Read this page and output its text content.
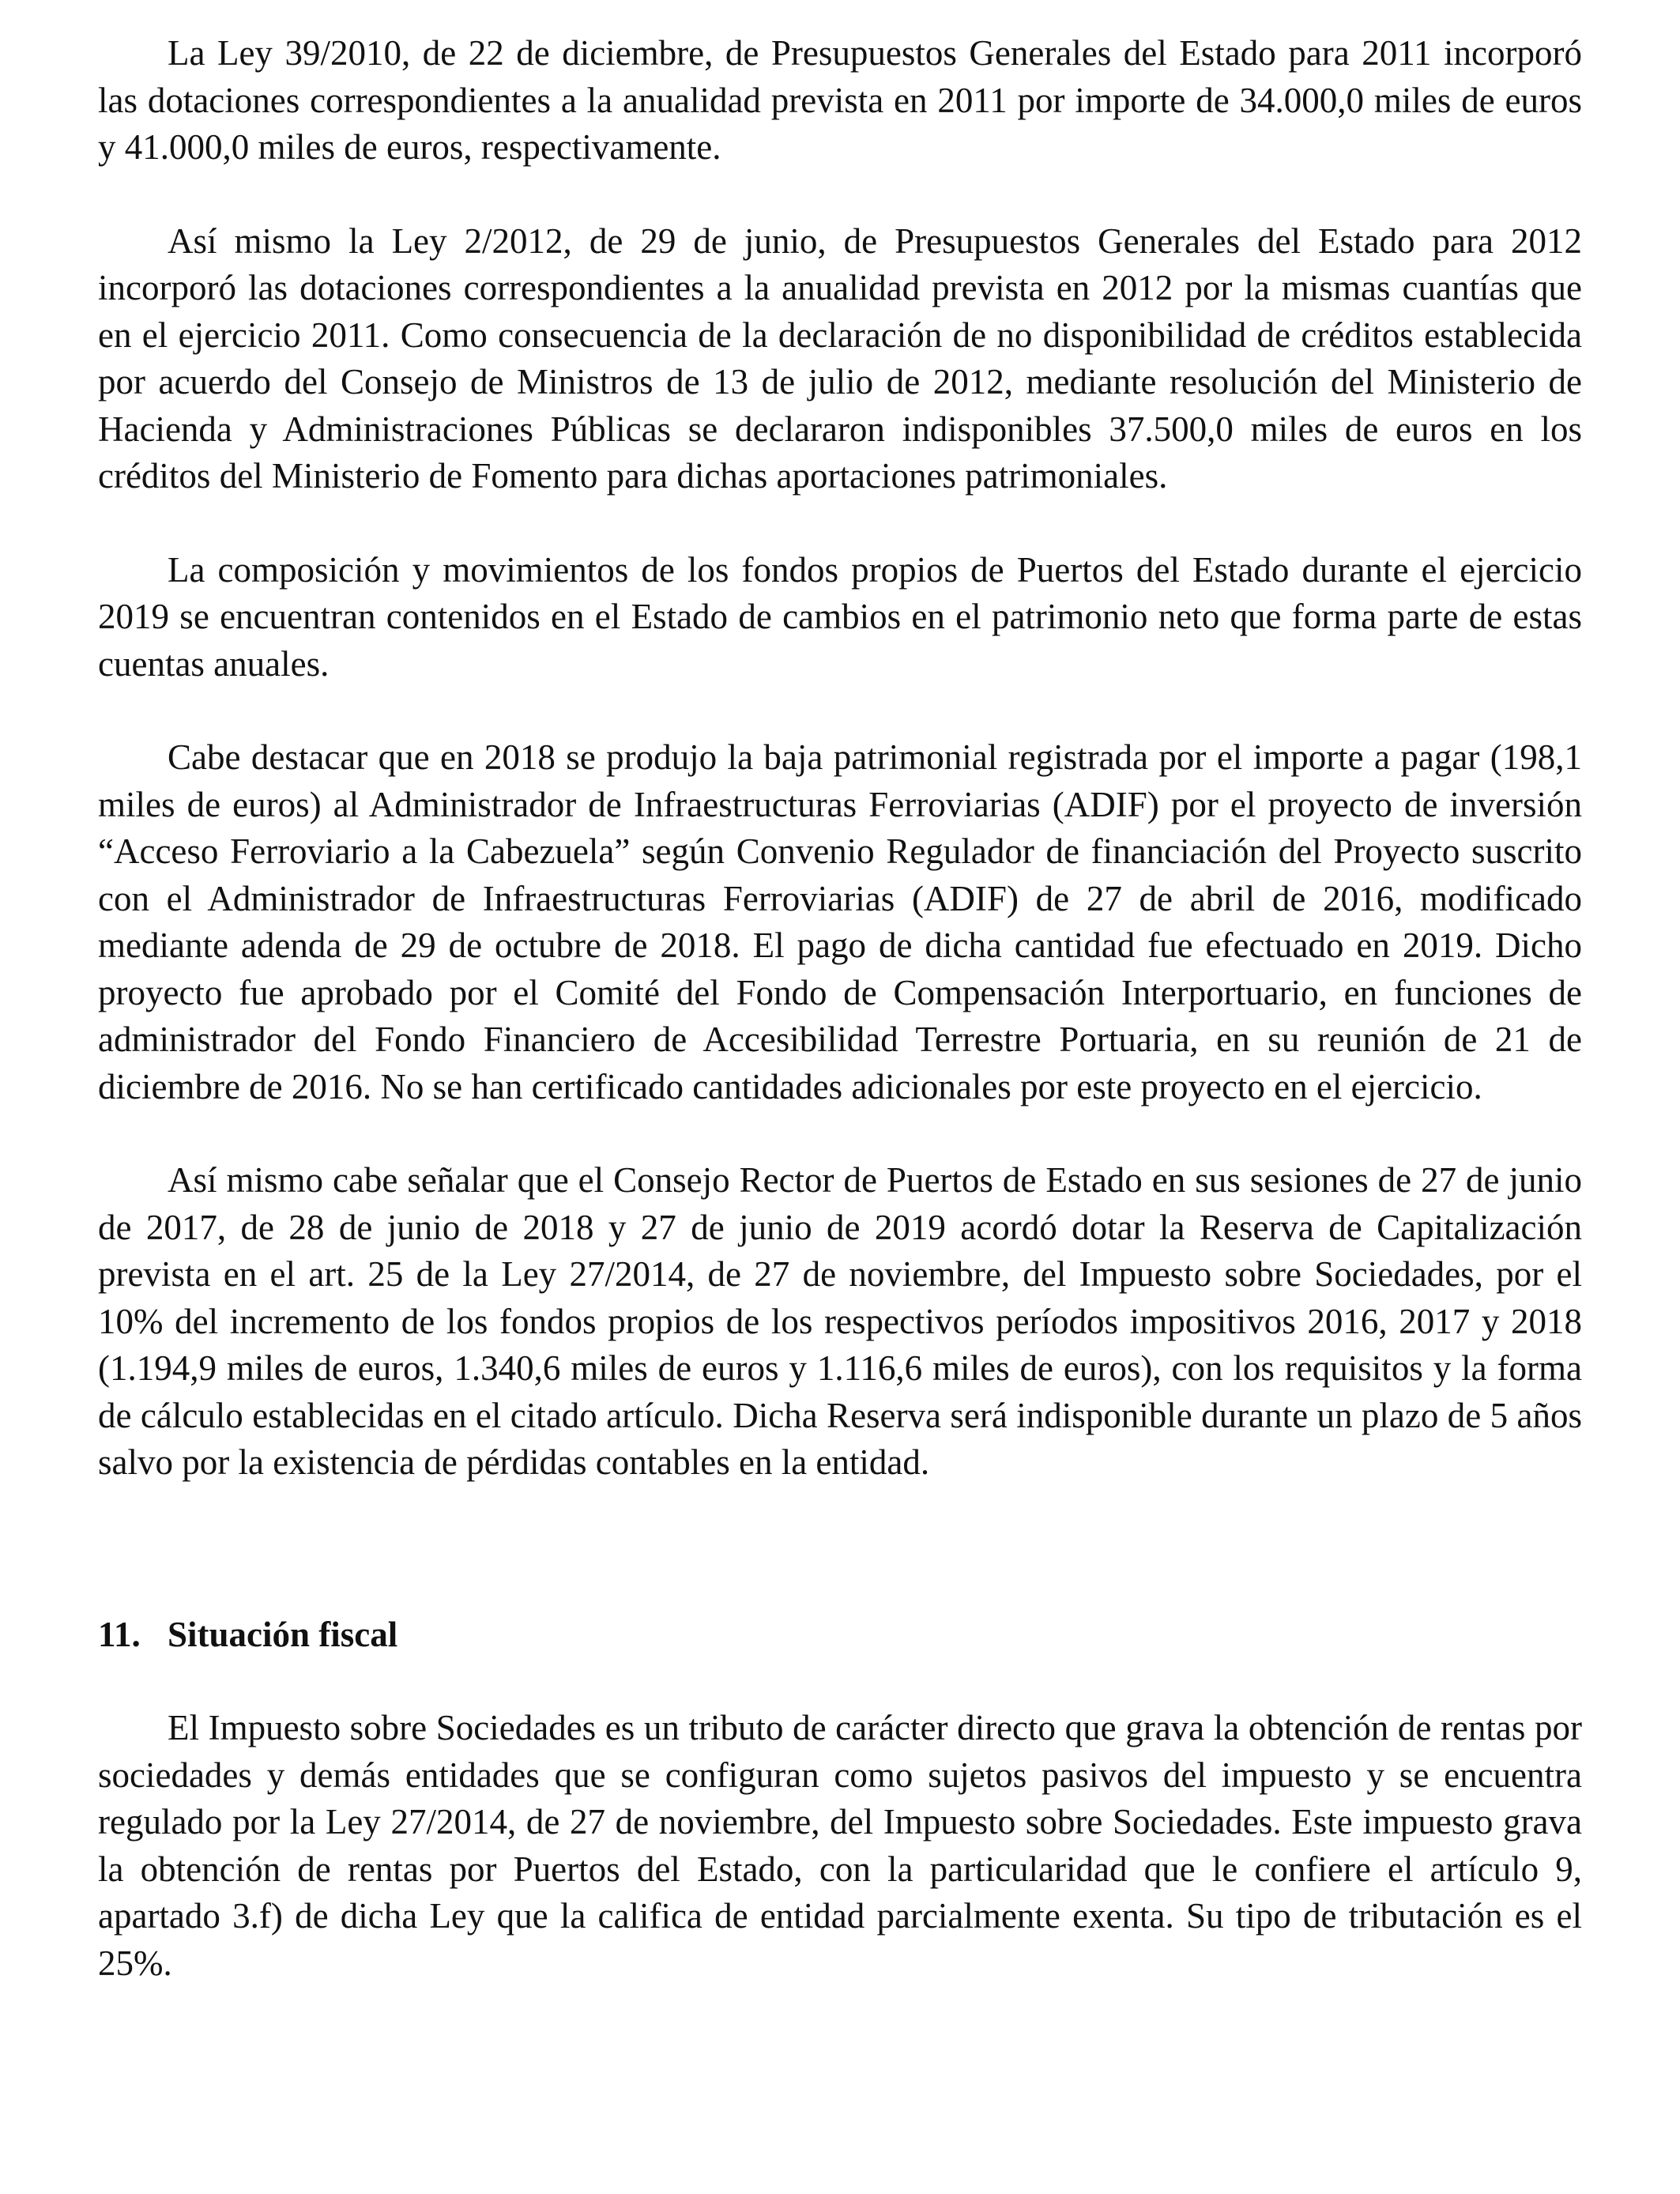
La Ley 39/2010, de 22 de diciembre, de Presupuestos Generales del Estado para 2011 incorporó las dotaciones correspondientes a la anualidad prevista en 2011 por importe de 34.000,0 miles de euros y 41.000,0 miles de euros, respectivamente.

Así mismo la Ley 2/2012, de 29 de junio, de Presupuestos Generales del Estado para 2012 incorporó las dotaciones correspondientes a la anualidad prevista en 2012 por la mismas cuantías que en el ejercicio 2011. Como consecuencia de la declaración de no disponibilidad de créditos establecida por acuerdo del Consejo de Ministros de 13 de julio de 2012, mediante resolución del Ministerio de Hacienda y Administraciones Públicas se declararon indisponibles 37.500,0 miles de euros en los créditos del Ministerio de Fomento para dichas aportaciones patrimoniales.

La composición y movimientos de los fondos propios de Puertos del Estado durante el ejercicio 2019 se encuentran contenidos en el Estado de cambios en el patrimonio neto que forma parte de estas cuentas anuales.

Cabe destacar que en 2018 se produjo la baja patrimonial registrada por el importe a pagar (198,1 miles de euros) al Administrador de Infraestructuras Ferroviarias (ADIF) por el proyecto de inversión “Acceso Ferroviario a la Cabezuela” según Convenio Regulador de financiación del Proyecto suscrito con el Administrador de Infraestructuras Ferroviarias (ADIF) de 27 de abril de 2016, modificado mediante adenda de 29 de octubre de 2018. El pago de dicha cantidad fue efectuado en 2019. Dicho proyecto fue aprobado por el Comité del Fondo de Compensación Interportuario, en funciones de administrador del Fondo Financiero de Accesibilidad Terrestre Portuaria, en su reunión de 21 de diciembre de 2016. No se han certificado cantidades adicionales por este proyecto en el ejercicio.

Así mismo cabe señalar que el Consejo Rector de Puertos de Estado en sus sesiones de 27 de junio de 2017, de 28 de junio de 2018 y 27 de junio de 2019 acordó dotar la Reserva de Capitalización prevista en el art. 25 de la Ley 27/2014, de 27 de noviembre, del Impuesto sobre Sociedades, por el 10% del incremento de los fondos propios de los respectivos períodos impositivos 2016, 2017 y 2018 (1.194,9 miles de euros, 1.340,6 miles de euros y 1.116,6 miles de euros), con los requisitos y la forma de cálculo establecidas en el citado artículo. Dicha Reserva será indisponible durante un plazo de 5 años salvo por la existencia de pérdidas contables en la entidad.

11. Situación fiscal

El Impuesto sobre Sociedades es un tributo de carácter directo que grava la obtención de rentas por sociedades y demás entidades que se configuran como sujetos pasivos del impuesto y se encuentra regulado por la Ley 27/2014, de 27 de noviembre, del Impuesto sobre Sociedades. Este impuesto grava la obtención de rentas por Puertos del Estado, con la particularidad que le confiere el artículo 9, apartado 3.f) de dicha Ley que la califica de entidad parcialmente exenta. Su tipo de tributación es el 25%.
